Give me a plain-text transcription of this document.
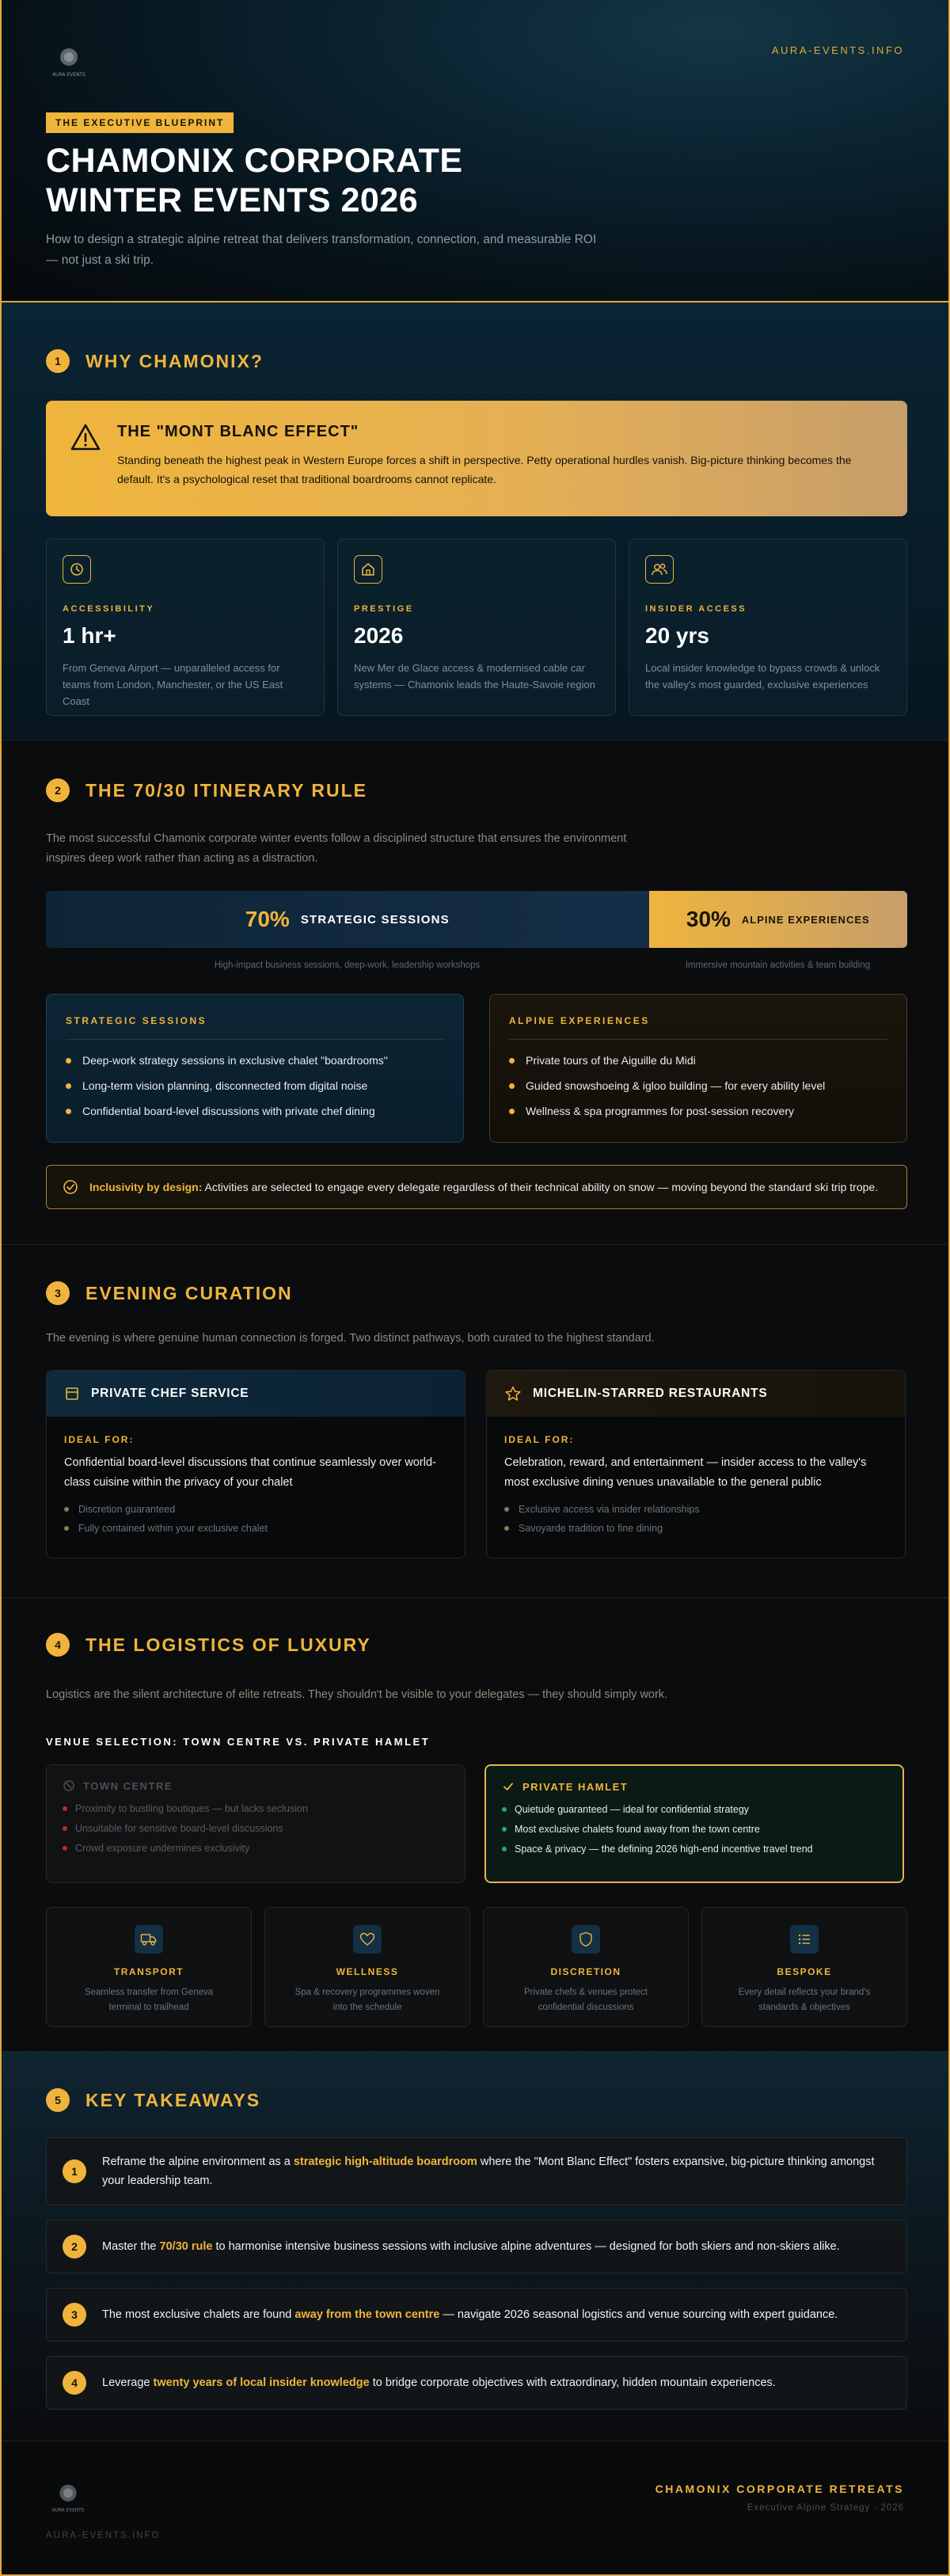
AURA EVENTS
AURA-EVENTS.INFO
THE EXECUTIVE BLUEPRINT
CHAMONIX CORPORATE
WINTER EVENTS 2026

How to design a strategic alpine retreat that delivers transformation, connection, and measurable ROI — not just a ski trip.

1	WHY CHAMONIX?
THE "MONT BLANC EFFECT"

Standing beneath the highest peak in Western Europe forces a shift in perspective. Petty operational hurdles vanish. Big-picture thinking becomes the default. It's a psychological reset that traditional boardrooms cannot replicate.

ACCESSIBILITY
1 hr+
From Geneva Airport — unparalleled access for teams from London, Manchester, or the US East Coast
PRESTIGE
2026
New Mer de Glace access & modernised cable car systems — Chamonix leads the Haute-Savoie region
INSIDER ACCESS
20 yrs
Local insider knowledge to bypass crowds & unlock the valley's most guarded, exclusive experiences
2	THE 70/30 ITINERARY RULE

The most successful Chamonix corporate winter events follow a disciplined structure that ensures the environment inspires deep work rather than acting as a distraction.

70% STRATEGIC SESSIONS	30% ALPINE EXPERIENCES
High-impact business sessions, deep-work, leadership workshops	Immersive mountain activities & team building
STRATEGIC SESSIONS
Deep-work strategy sessions in exclusive chalet "boardrooms"
Long-term vision planning, disconnected from digital noise
Confidential board-level discussions with private chef dining
ALPINE EXPERIENCES
Private tours of the Aiguille du Midi
Guided snowshoeing & igloo building — for every ability level
Wellness & spa programmes for post-session recovery
Inclusivity by design: Activities are selected to engage every delegate regardless of their technical ability on snow — moving beyond the standard ski trip trope.
3	EVENING CURATION

The evening is where genuine human connection is forged. Two distinct pathways, both curated to the highest standard.

PRIVATE CHEF SERVICE
IDEAL FOR:
Confidential board-level discussions that continue seamlessly over world-class cuisine within the privacy of your chalet
Discretion guaranteed
Fully contained within your exclusive chalet
MICHELIN-STARRED RESTAURANTS
IDEAL FOR:
Celebration, reward, and entertainment — insider access to the valley's most exclusive dining venues unavailable to the general public
Exclusive access via insider relationships
Savoyarde tradition to fine dining
4	THE LOGISTICS OF LUXURY

Logistics are the silent architecture of elite retreats. They shouldn't be visible to your delegates — they should simply work.

VENUE SELECTION: TOWN CENTRE VS. PRIVATE HAMLET
TOWN CENTRE
Proximity to bustling boutiques — but lacks seclusion
Unsuitable for sensitive board-level discussions
Crowd exposure undermines exclusivity
PRIVATE HAMLET
Quietude guaranteed — ideal for confidential strategy
Most exclusive chalets found away from the town centre
Space & privacy — the defining 2026 high-end incentive travel trend
TRANSPORT
Seamless transfer from Geneva terminal to trailhead
WELLNESS
Spa & recovery programmes woven into the schedule
DISCRETION
Private chefs & venues protect confidential discussions
BESPOKE
Every detail reflects your brand's standards & objectives
5	KEY TAKEAWAYS
1
Reframe the alpine environment as a strategic high-altitude boardroom where the "Mont Blanc Effect" fosters expansive, big-picture thinking amongst your leadership team.
2	Master the 70/30 rule to harmonise intensive business sessions with inclusive alpine adventures — designed for both skiers and non-skiers alike.
3	The most exclusive chalets are found away from the town centre — navigate 2026 seasonal logistics and venue sourcing with expert guidance.
4	Leverage twenty years of local insider knowledge to bridge corporate objectives with extraordinary, hidden mountain experiences.
AURA EVENTS
AURA-EVENTS.INFO
CHAMONIX CORPORATE RETREATS
Executive Alpine Strategy · 2026
